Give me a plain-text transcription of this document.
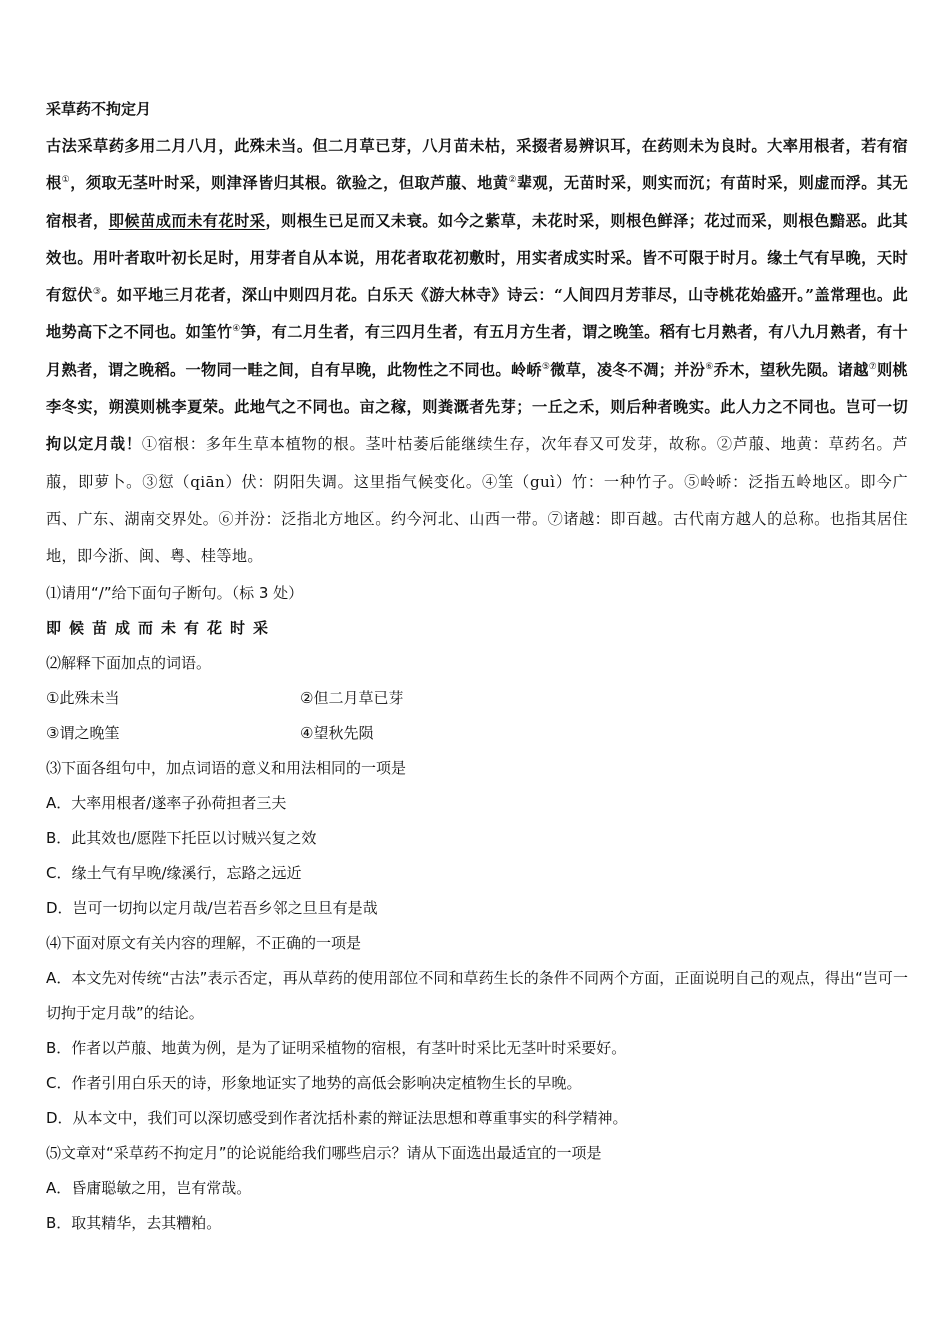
采草药不拘定月
古法采草药多用二月八月，此殊未当。但二月草已芽，八月苗未枯，采掇者易辨识耳，在药则未为良时。大率用根者，若有宿根①，须取无茎叶时采，则津泽皆归其根。欲验之，但取芦菔、地黄②辈观，无苗时采，则实而沉；有苗时采，则虚而浮。其无宿根者，即候苗成而未有花时采，则根生已足而又未衰。如今之紫草，未花时采，则根色鲜泽；花过而采，则根色黯恶。此其效也。用叶者取叶初长足时，用芽者自从本说，用花者取花初敷时，用实者成实时采。皆不可限于时月。缘土气有早晚，天时有愆伏③。如平地三月花者，深山中则四月花。白乐天《游大林寺》诗云：“人间四月芳菲尽，山寺桃花始盛开。”盖常理也。此地势高下之不同也。如筀竹④笋，有二月生者，有三四月生者，有五月方生者，谓之晚筀。稻有七月熟者，有八九月熟者，有十月熟者，谓之晚稻。一物同一畦之间，自有早晚，此物性之不同也。岭峤⑤微草，凌冬不凋；并汾⑥乔木，望秋先陨。诸越⑦则桃李冬实，朔漠则桃李夏荣。此地气之不同也。亩之稼，则粪溉者先芽；一丘之禾，则后种者晚实。此人力之不同也。岂可一切拘以定月哉！①宿根：多年生草本植物的根。茎叶枯萎后能继续生存，次年春又可发芽，故称。②芦菔、地黄：草药名。芦菔，即萝卜。③愆（qiān）伏：阴阳失调。这里指气候变化。④筀（guì）竹：一种竹子。⑤岭峤：泛指五岭地区。即今广西、广东、湖南交界处。⑥并汾：泛指北方地区。约今河北、山西一带。⑦诸越：即百越。古代南方越人的总称。也指其居住地，即今浙、闽、粤、桂等地。
⑴请用“/”给下面句子断句。（标 3 处）
即候苗成而未有花时采
⑵解释下面加点的词语。
①此殊未当	②但二月草已芽
③谓之晚筀	④望秋先陨
⑶下面各组句中，加点词语的意义和用法相同的一项是
A．大率用根者/遂率子孙荷担者三夫
B．此其效也/愿陛下托臣以讨贼兴复之效
C．缘土气有早晚/缘溪行，忘路之远近
D．岂可一切拘以定月哉/岂若吾乡邻之旦旦有是哉
⑷下面对原文有关内容的理解，不正确的一项是
A．本文先对传统“古法”表示否定，再从草药的使用部位不同和草药生长的条件不同两个方面，正面说明自己的观点，得出“岂可一切拘于定月哉”的结论。
B．作者以芦菔、地黄为例，是为了证明采植物的宿根，有茎叶时采比无茎叶时采要好。
C．作者引用白乐天的诗，形象地证实了地势的高低会影响决定植物生长的早晚。
D．从本文中，我们可以深切感受到作者沈括朴素的辩证法思想和尊重事实的科学精神。
⑸文章对“采草药不拘定月”的论说能给我们哪些启示？请从下面选出最适宜的一项是
A．昏庸聪敏之用，岂有常哉。
B．取其精华，去其糟粕。
